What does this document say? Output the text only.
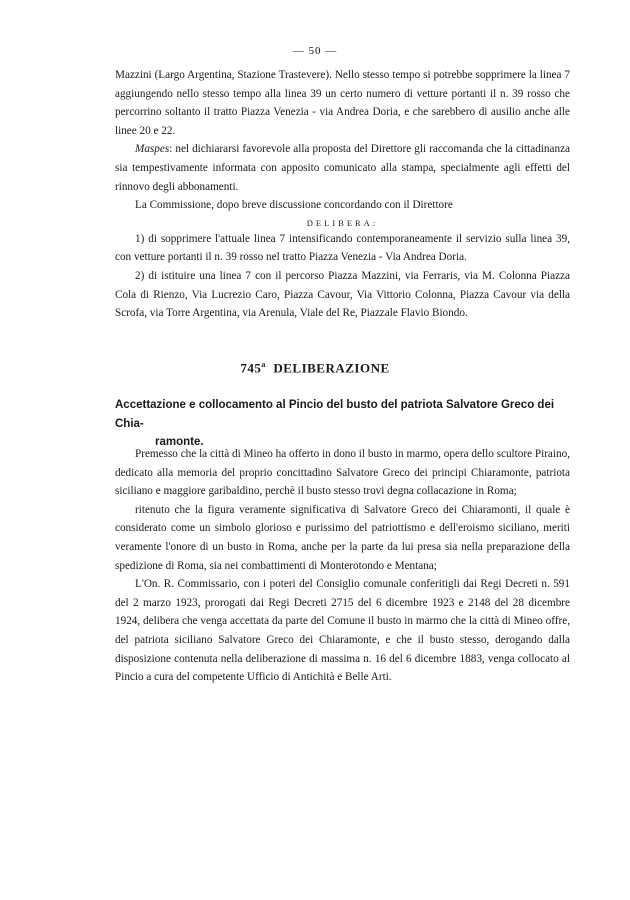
— 50 —

Mazzini (Largo Argentina, Stazione Trastevere). Nello stesso tempo si potrebbe sopprimere la linea 7 aggiungendo nello stesso tempo alla linea 39 un certo numero di vetture portanti il n. 39 rosso che percorrino soltanto il tratto Piazza Venezia - via Andrea Doria, e che sarebbero di ausilio anche alle linee 20 e 22.

Maspes: nel dichiararsi favorevole alla proposta del Direttore gli raccomanda che la cittadinanza sia tempestivamente informata con apposito comunicato alla stampa, specialmente agli effetti del rinnovo degli abbonamenti.

La Commissione, dopo breve discussione concordando con il Direttore

DELIBERA:

1) di sopprimere l'attuale linea 7 intensificando contemporaneamente il servizio sulla linea 39, con vetture portanti il n. 39 rosso nel tratto Piazza Venezia - Via Andrea Doria.

2) di istituire una linea 7 con il percorso Piazza Mazzini, via Ferraris, via M. Colonna Piazza Cola di Rienzo, Via Lucrezio Caro, Piazza Cavour, Via Vittorio Colonna, Piazza Cavour via della Scrofa, via Torre Argentina, via Arenula, Viale del Re, Piazzale Flavio Biondo.

745$^a$ DELIBERAZIONE
Accettazione e collocamento al Pincio del busto del patriota Salvatore Greco dei Chia-
ramonte.

Premesso che la città di Mineo ha offerto in dono il busto in marmo, opera dello scultore Piraino, dedicato alla memoria del proprio concittadino Salvatore Greco dei principi Chiaramonte, patriota siciliano e maggiore garibaldino, perchè il busto stesso trovi degna collacazione in Roma;

ritenuto che la figura veramente significativa di Salvatore Greco dei Chiaramonti, il quale è considerato come un simbolo glorioso e purissimo del patriottismo e dell'eroismo siciliano, meriti veramente l'onore di un busto in Roma, anche per la parte da lui presa sia nella preparazione della spedizione di Roma, sia nei combattimenti di Monterotondo e Mentana;

L'On. R. Commissario, con i poteri del Consiglio comunale conferitigli dai Regi Decreti n. 591 del 2 marzo 1923, prorogati dai Regi Decreti 2715 del 6 dicembre 1923 e 2148 del 28 dicembre 1924, delibera che venga accettata da parte del Comune il busto in marmo che la città di Mineo offre, del patriota siciliano Salvatore Greco dei Chiaramonte, e che il busto stesso, derogando dalla disposizione contenuta nella deliberazione di massima n. 16 del 6 dicembre 1883, venga collocato al Pincio a cura del competente Ufficio di Antichità e Belle Arti.
